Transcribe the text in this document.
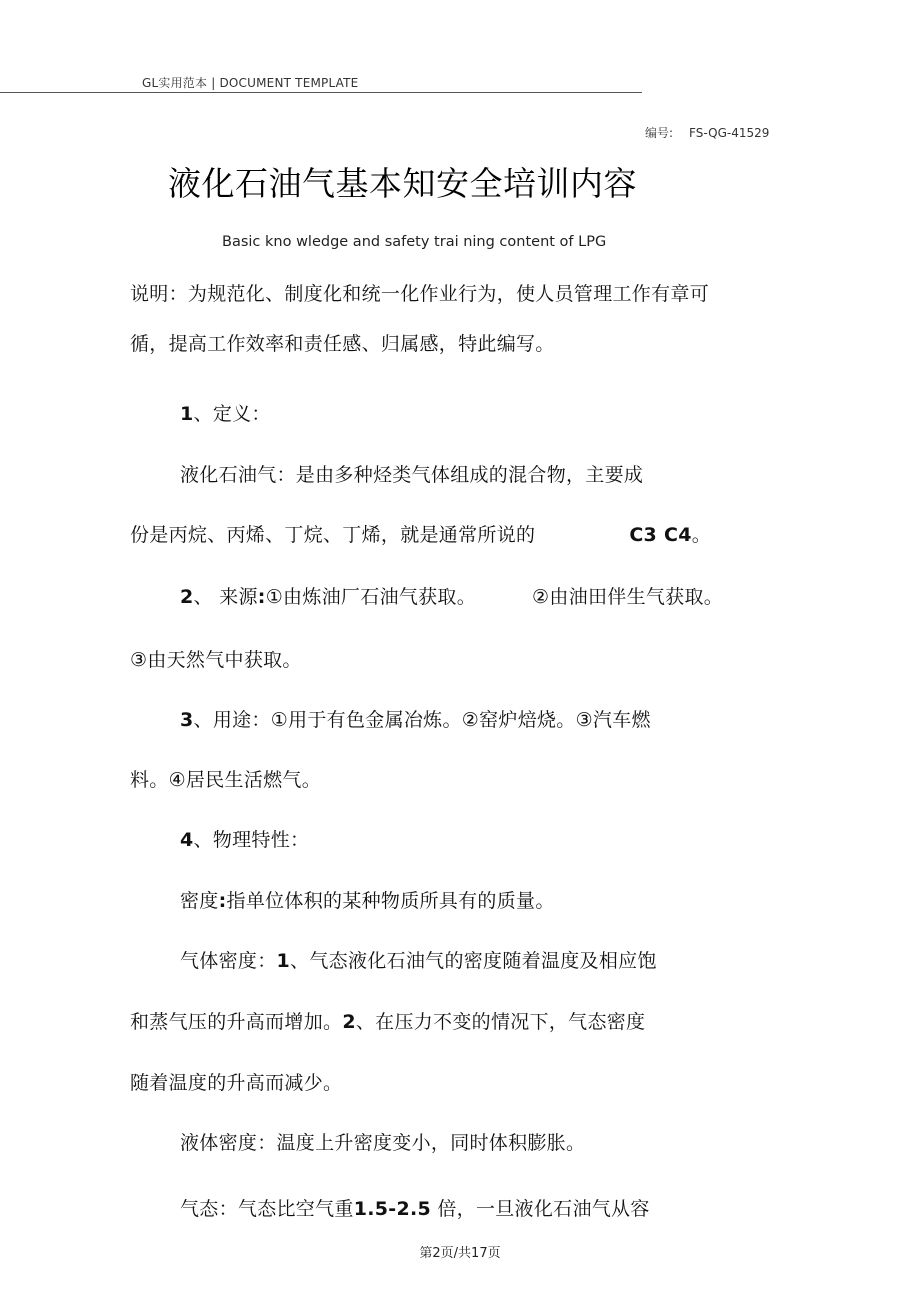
GL实用范本 | DOCUMENT TEMPLATE
编号: FS-QG-41529
液化石油气基本知安全培训内容
Basic kno wledge and safety trai ning content of LPG
说明：为规范化、制度化和统一化作业行为，使人员管理工作有章可
循，提高工作效率和责任感、归属感，特此编写。
1、定义：
液化石油气：是由多种烃类气体组成的混合物，主要成
份是丙烷、丙烯、丁烷、丁烯，就是通常所说的	C3 C4。
2、 来源:①由炼油厂石油气获取。	②由油田伴生气获取。
③由天然气中获取。
3、用途：①用于有色金属冶炼。②窑炉焙烧。③汽车燃
料。④居民生活燃气。
4、物理特性：
密度:指单位体积的某种物质所具有的质量。
气体密度：1、气态液化石油气的密度随着温度及相应饱
和蒸气压的升高而增加。2、在压力不变的情况下，气态密度
随着温度的升高而减少。
液体密度：温度上升密度变小，同时体积膨胀。
气态：气态比空气重1.5-2.5 倍，一旦液化石油气从容
第2页/共17页
